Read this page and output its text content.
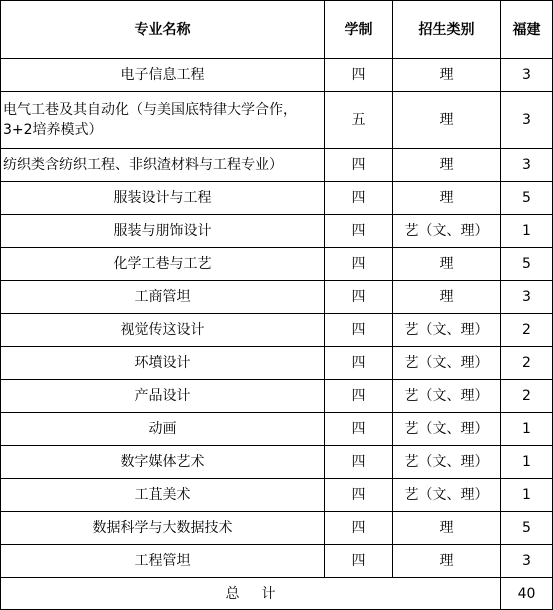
专业名称	学制	招生类别	福建
电子信息工程	四	理	3
电气工巷及其自动化（与美国底特律大学合作，3+2培养模式）	五	理	3
纺织类含纺织工程、非织渣材料与工程专业）	四	理	3
服装设计与工程	四	理	5
服装与朋饰设计	四	艺（文、理）	1
化学工巷与工艺	四	理	5
工商管坦	四	理	3
视觉传这设计	四	艺（文、理）	2
环墳设计	四	艺（文、理）	2
产品设计	四	艺（文、理）	2
动画	四	艺（文、理）	1
数字媒体艺术	四	艺（文、理）	1
工苴美术	四	艺（文、理）	1
数据科学与大数据技术	四	理	5
工程管坦	四	理	3
总计			40
